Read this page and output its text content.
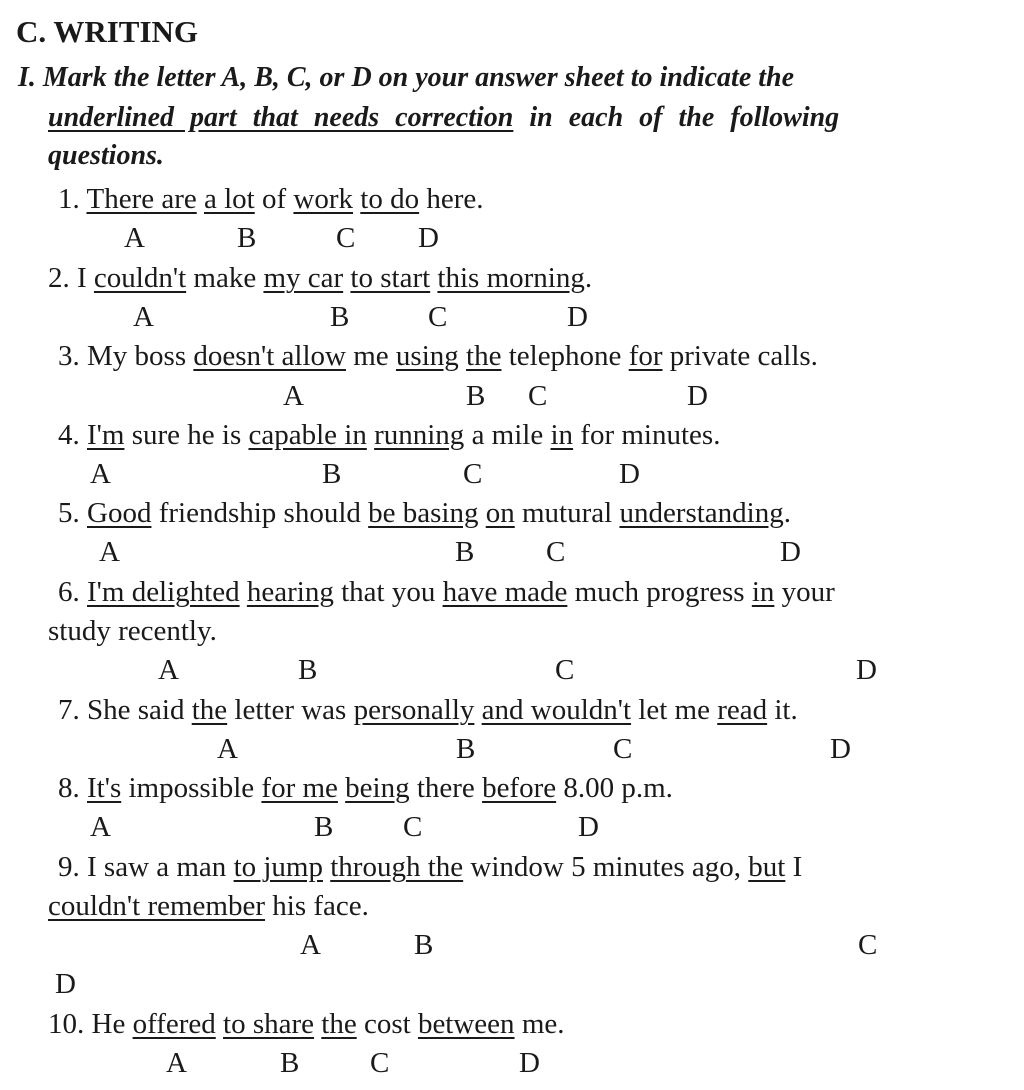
C. WRITING
I. Mark the letter A, B, C, or D on your answer sheet to indicate the
underlined part that needs correction in each of the following
questions.
1. There are a lot of work to do here.
A	B	C D
2. I couldn't make my car to start this morning.
A	B	C	D
3. My boss doesn't allow me using the telephone for private calls.
A	B C	D
4. I'm sure he is capable in running a mile in for minutes.
A	B	C	D
5. Good friendship should be basing on mutural understanding.
A	B C	D
6. I'm delighted hearing that you have made much progress in your
study recently.
A	B	C	D
7. She said the letter was personally and wouldn't let me read it.
A	B	C	D
8. It's impossible for me being there before 8.00 p.m.
A	B C	D
9. I saw a man to jump through the window 5 minutes ago, but I
couldn't remember his face.
A	B	C
D
10. He offered to share the cost between me.
A	B C	D
